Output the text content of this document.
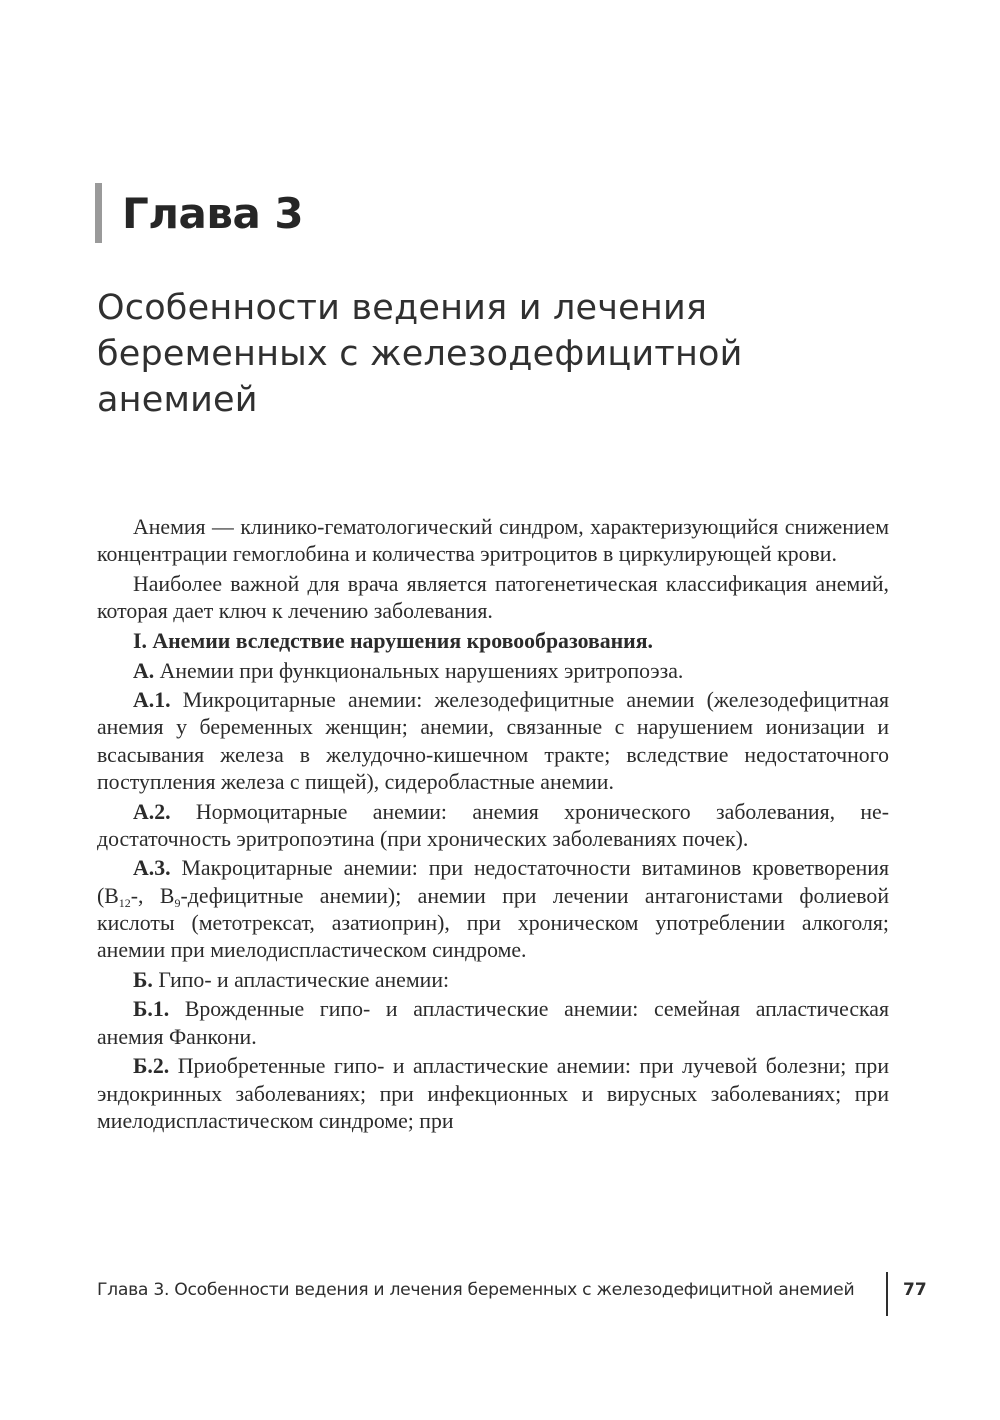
Глава 3
Особенности ведения и лечения
беременных с железодефицитной
анемией

Анемия — клинико-гематологический синдром, характеризующийся снижением концентрации гемоглобина и количества эритроцитов в циркулирующей крови.

Наиболее важной для врача является патогенетическая классификация анемий, которая дает ключ к лечению заболевания.

I. Анемии вследствие нарушения кровообразования.

А. Анемии при функциональных нарушениях эритропоэза.

А.1. Микроцитарные анемии: железодефицитные анемии (железодефицитная анемия у беременных женщин; анемии, связанные с нарушением ионизации и всасывания железа в желудочно-кишечном тракте; вследствие недостаточного поступления железа с пищей), сидеробластные анемии.

А.2. Нормоцитарные анемии: анемия хронического заболевания, недостаточность эритропоэтина (при хронических заболеваниях почек).

А.3. Макроцитарные анемии: при недостаточности витаминов кроветворения ($B_{12}-$, $B_9$-дефицитные анемии); анемии при лечении антагонистами фолиевой кислоты (метотрексат, азатиоприн), при хроническом употреблении алкоголя; анемии при миелодиспластическом синдроме.

Б. Гипо- и апластические анемии:

Б.1. Врожденные гипо- и апластические анемии: семейная апластическая анемия Фанкони.

Б.2. Приобретенные гипо- и апластические анемии: при лучевой болезни; при эндокринных заболеваниях; при инфекционных и вирусных заболеваниях; при миелодиспластическом синдроме; при

Глава 3. Особенности ведения и лечения беременных с железодефицитной анемией	77
